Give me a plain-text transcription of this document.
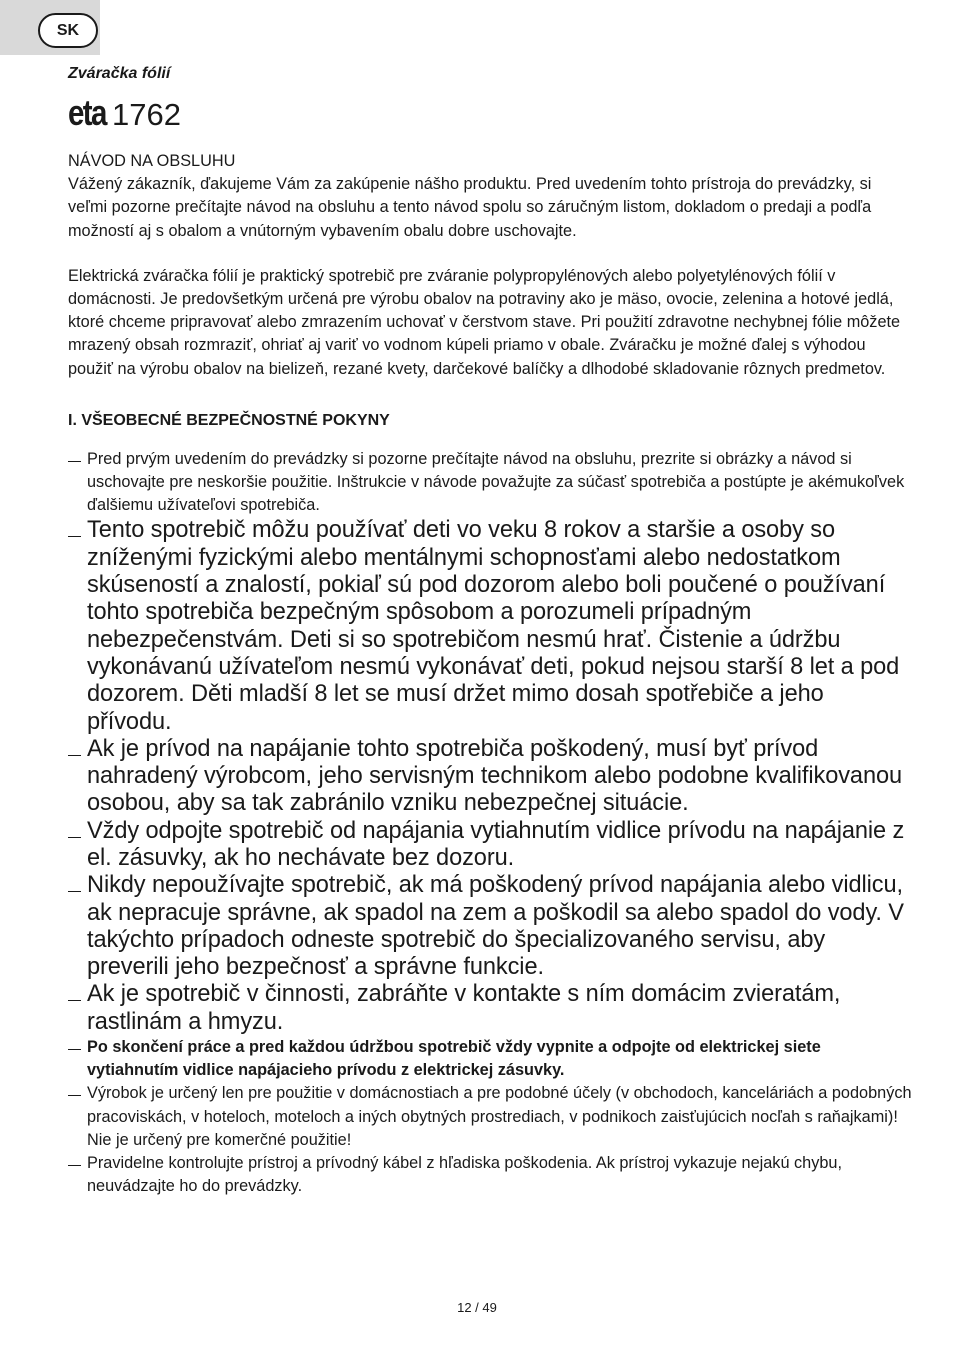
SK
Zváračka fólií
eta 1762

NÁVOD NA OBSLUHU

Vážený zákazník, ďakujeme Vám za zakúpenie nášho produktu. Pred uvedením tohto prístroja do prevádzky, si veľmi pozorne prečítajte návod na obsluhu a tento návod spolu so záručným listom, dokladom o predaji a podľa možností aj s obalom a vnútorným vybavením obalu dobre uschovajte.

Elektrická zváračka fólií je praktický spotrebič pre zváranie polypropylénových alebo polyetylénových fólií v domácnosti. Je predovšetkým určená pre výrobu obalov na potraviny ako je mäso, ovocie, zelenina a hotové jedlá, ktoré chceme pripravovať alebo zmrazením uchovať v čerstvom stave. Pri použití zdravotne nechybnej fólie môžete mrazený obsah rozmraziť, ohriať aj variť vo vodnom kúpeli priamo v obale. Zváračku je možné ďalej s výhodou použiť na výrobu obalov na bielizeň, rezané kvety, darčekové balíčky a dlhodobé skladovanie rôznych predmetov.

I. VŠEOBECNÉ BEZPEČNOSTNÉ POKYNY
Pred prvým uvedením do prevádzky si pozorne prečítajte návod na obsluhu, prezrite si obrázky a návod si uschovajte pre neskoršie použitie. Inštrukcie v návode považujte za súčasť spotrebiča a postúpte je akémukoľvek ďalšiemu užívateľovi spotrebiča.
Tento spotrebič môžu používať deti vo veku 8 rokov a staršie a osoby so zníženými fyzickými alebo mentálnymi schopnosťami alebo nedostatkom skúseností a znalostí, pokiaľ sú pod dozorom alebo boli poučené o používaní tohto spotrebiča bezpečným spôsobom a porozumeli prípadným nebezpečenstvám. Deti si so spotrebičom nesmú hrať. Čistenie a údržbu vykonávanú užívateľom nesmú vykonávať deti, pokud nejsou starší 8 let a pod dozorem. Děti mladší 8 let se musí držet mimo dosah spotřebiče a jeho přívodu.
Ak je prívod na napájanie tohto spotrebiča poškodený, musí byť prívod nahradený výrobcom, jeho servisným technikom alebo podobne kvalifikovanou osobou, aby sa tak zabránilo vzniku nebezpečnej situácie.
Vždy odpojte spotrebič od napájania vytiahnutím vidlice prívodu na napájanie z el. zásuvky, ak ho nechávate bez dozoru.
Nikdy nepoužívajte spotrebič, ak má poškodený prívod napájania alebo vidlicu, ak nepracuje správne, ak spadol na zem a poškodil sa alebo spadol do vody. V takýchto prípadoch odneste spotrebič do špecializovaného servisu, aby preverili jeho bezpečnosť a správne funkcie.
Ak je spotrebič v činnosti, zabráňte v kontakte s ním domácim zvieratám, rastlinám a hmyzu.
Po skončení práce a pred každou údržbou spotrebič vždy vypnite a odpojte od elektrickej siete vytiahnutím vidlice napájacieho prívodu z elektrickej zásuvky.
Výrobok je určený len pre použitie v domácnostiach a pre podobné účely (v obchodoch, kanceláriách a podobných pracoviskách, v hoteloch, moteloch a iných obytných prostrediach, v podnikoch zaisťujúcich nocľah s raňajkami)! Nie je určený pre komerčné použitie!
Pravidelne kontrolujte prístroj a prívodný kábel z hľadiska poškodenia. Ak prístroj vykazuje nejakú chybu, neuvádzajte ho do prevádzky.
12 / 49
